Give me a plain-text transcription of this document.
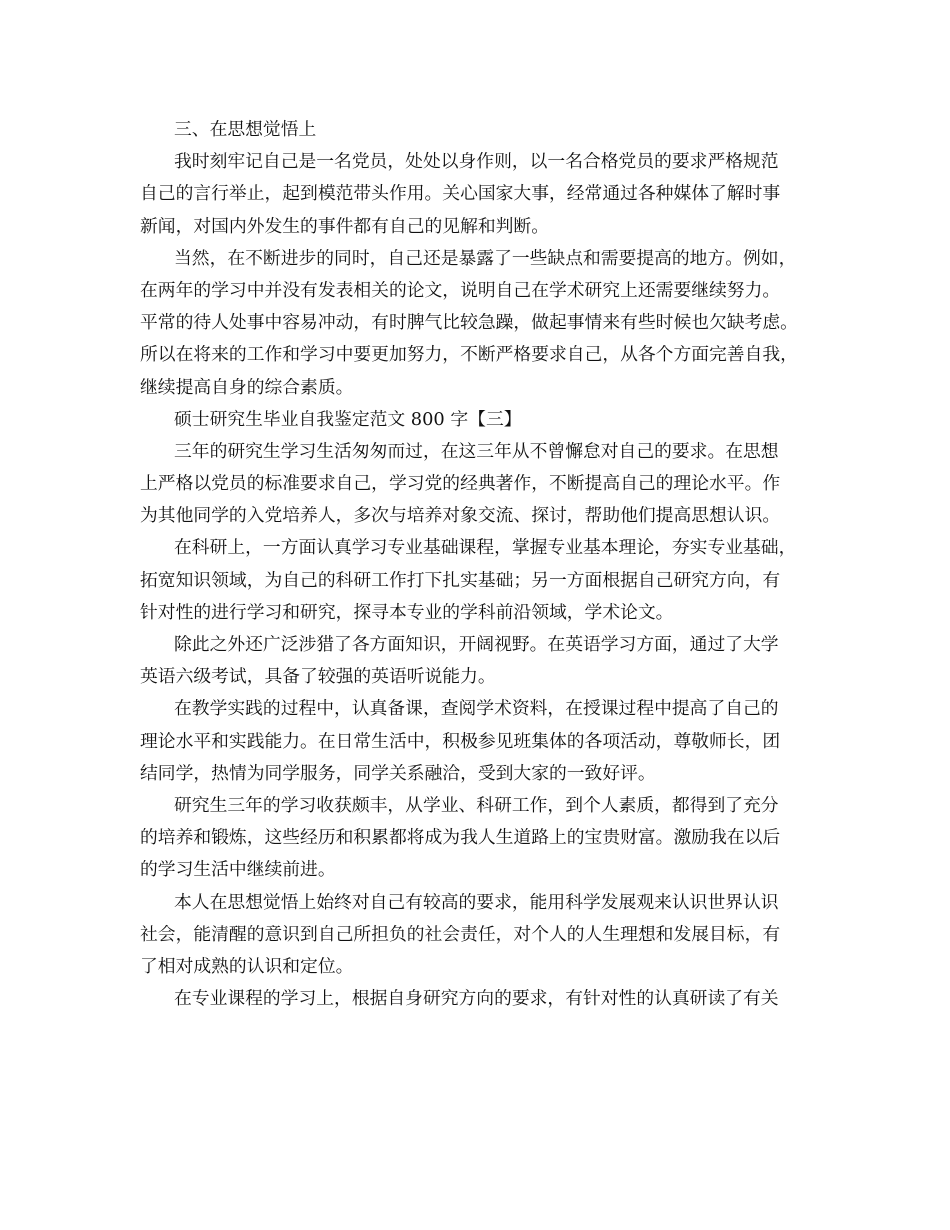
三、在思想觉悟上
我时刻牢记自己是一名党员，处处以身作则，以一名合格党员的要求严格规范
自己的言行举止，起到模范带头作用。关心国家大事，经常通过各种媒体了解时事
新闻，对国内外发生的事件都有自己的见解和判断。
当然，在不断进步的同时，自己还是暴露了一些缺点和需要提高的地方。例如，
在两年的学习中并没有发表相关的论文，说明自己在学术研究上还需要继续努力。
平常的待人处事中容易冲动，有时脾气比较急躁，做起事情来有些时候也欠缺考虑。
所以在将来的工作和学习中要更加努力，不断严格要求自己，从各个方面完善自我，
继续提高自身的综合素质。
硕士研究生毕业自我鉴定范文 800 字【三】
三年的研究生学习生活匆匆而过，在这三年从不曾懈怠对自己的要求。在思想
上严格以党员的标准要求自己，学习党的经典著作，不断提高自己的理论水平。作
为其他同学的入党培养人，多次与培养对象交流、探讨，帮助他们提高思想认识。
在科研上，一方面认真学习专业基础课程，掌握专业基本理论，夯实专业基础，
拓宽知识领域，为自己的科研工作打下扎实基础；另一方面根据自己研究方向，有
针对性的进行学习和研究，探寻本专业的学科前沿领域，学术论文。
除此之外还广泛涉猎了各方面知识，开阔视野。在英语学习方面，通过了大学
英语六级考试，具备了较强的英语听说能力。
在教学实践的过程中，认真备课，查阅学术资料，在授课过程中提高了自己的
理论水平和实践能力。在日常生活中，积极参见班集体的各项活动，尊敬师长，团
结同学，热情为同学服务，同学关系融洽，受到大家的一致好评。
研究生三年的学习收获颇丰，从学业、科研工作，到个人素质，都得到了充分
的培养和锻炼，这些经历和积累都将成为我人生道路上的宝贵财富。激励我在以后
的学习生活中继续前进。
本人在思想觉悟上始终对自己有较高的要求，能用科学发展观来认识世界认识
社会，能清醒的意识到自己所担负的社会责任，对个人的人生理想和发展目标，有
了相对成熟的认识和定位。
在专业课程的学习上，根据自身研究方向的要求，有针对性的认真研读了有关
